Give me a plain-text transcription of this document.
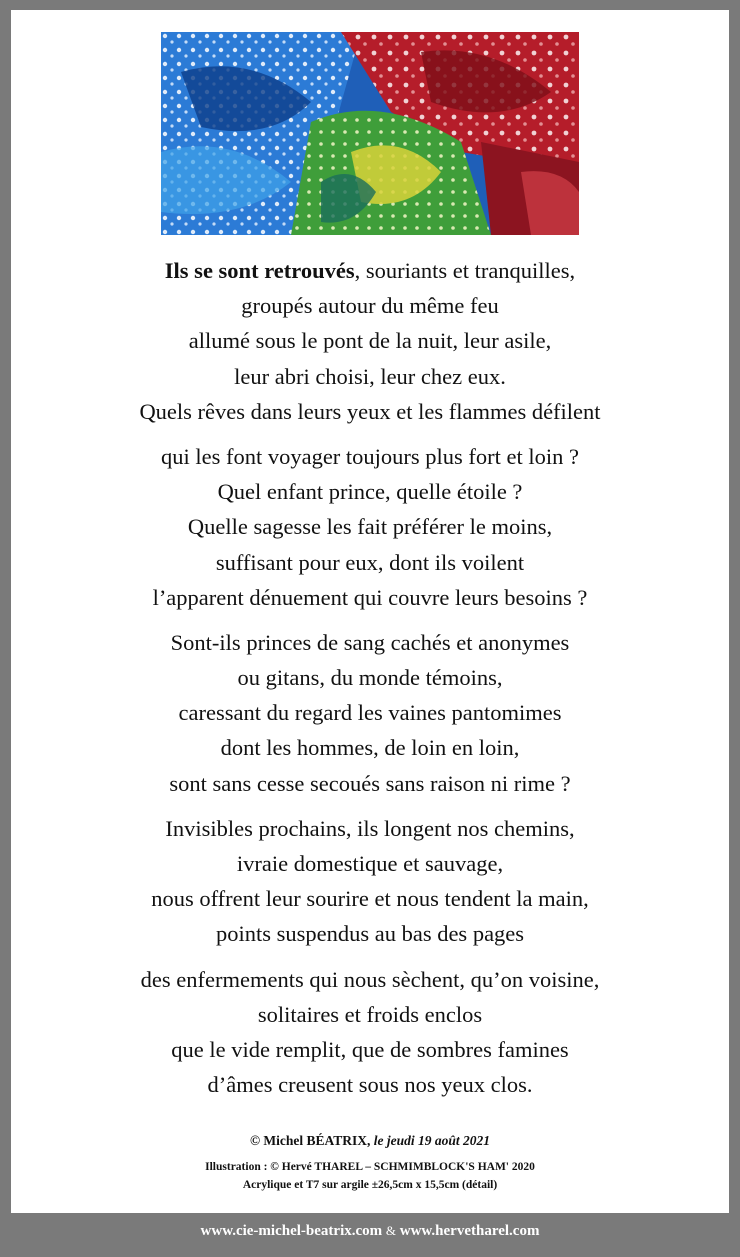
Ils se sont retrouvés, souriants et tranquilles,
groupés autour du même feu
allumé sous le pont de la nuit, leur asile,
leur abri choisi, leur chez eux.
Quels rêves dans leurs yeux et les flammes défilent
qui les font voyager toujours plus fort et loin ?
Quel enfant prince, quelle étoile ?
Quelle sagesse les fait préférer le moins,
suffisant pour eux, dont ils voilent
l’apparent dénuement qui couvre leurs besoins ?
Sont-ils princes de sang cachés et anonymes
ou gitans, du monde témoins,
caressant du regard les vaines pantomimes
dont les hommes, de loin en loin,
sont sans cesse secoués sans raison ni rime ?
Invisibles prochains, ils longent nos chemins,
ivraie domestique et sauvage,
nous offrent leur sourire et nous tendent la main,
points suspendus au bas des pages
des enfermements qui nous sèchent, qu’on voisine,
solitaires et froids enclos
que le vide remplit, que de sombres famines
d’âmes creusent sous nos yeux clos.
© Michel BÉATRIX, le jeudi 19 août 2021
Illustration : © Hervé THAREL – SCHMIMBLOCK'S HAM' 2020
Acrylique et T7 sur argile ±26,5cm x 15,5cm (détail)
www.cie-michel-beatrix.com & www.hervetharel.com
